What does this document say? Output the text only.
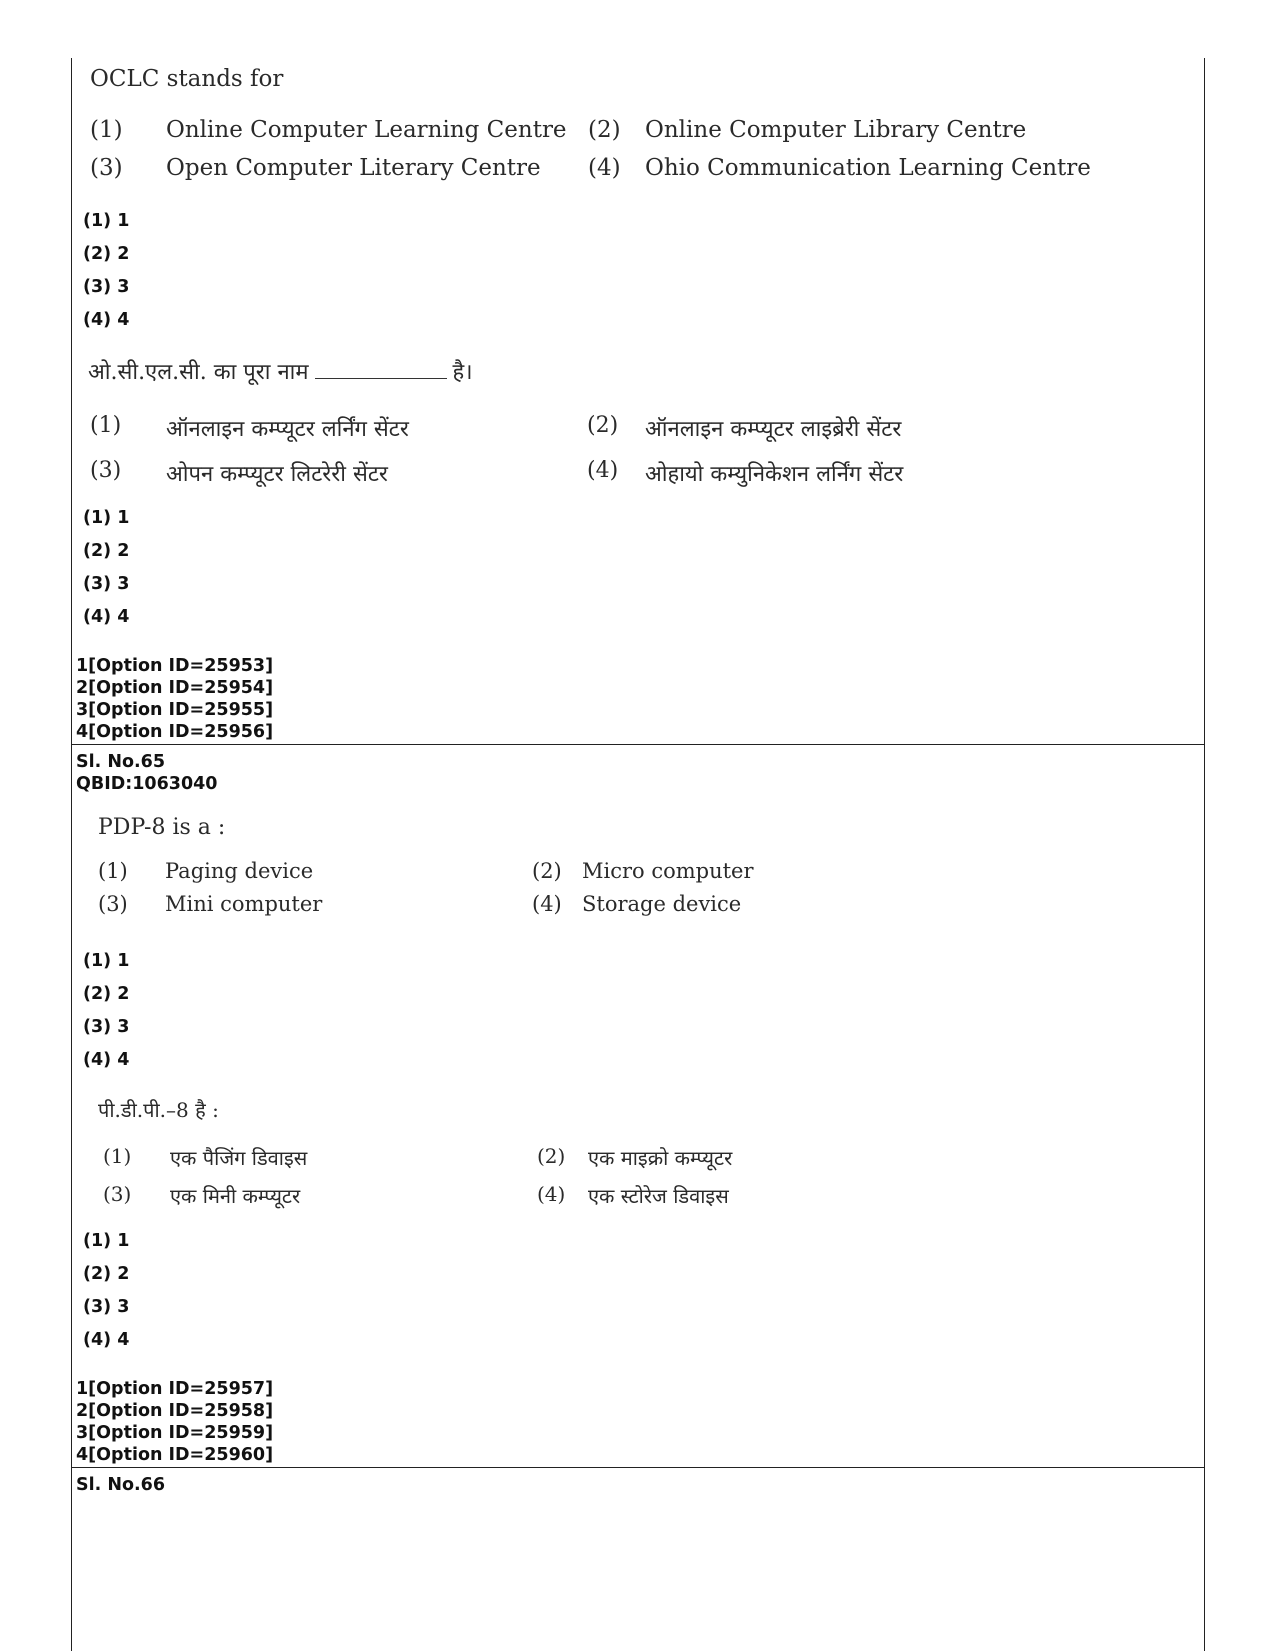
OCLC stands for
(1) Online Computer Learning Centre (2) Online Computer Library Centre
(3) Open Computer Literary Centre (4) Ohio Communication Learning Centre
(1) 1
(2) 2
(3) 3
(4) 4
ओ.सी.एल.सी. का पूरा नाम	है।
(1) ऑनलाइन कम्प्यूटर लर्निंग सेंटर	(2) ऑनलाइन कम्प्यूटर लाइब्रेरी सेंटर
(3) ओपन कम्प्यूटर लिटरेरी सेंटर	(4) ओहायो कम्युनिकेशन लर्निंग सेंटर
(1) 1
(2) 2
(3) 3
(4) 4
1[Option ID=25953]
2[Option ID=25954]
3[Option ID=25955]
4[Option ID=25956]
Sl. No.65
QBID:1063040
PDP-8 is a :
(1) Paging device	(2) Micro computer
(3) Mini computer	(4) Storage device
(1) 1
(2) 2
(3) 3
(4) 4
पी.डी.पी.–8 है :
(1) एक पैजिंग डिवाइस	(2) एक माइक्रो कम्प्यूटर
(3) एक मिनी कम्प्यूटर	(4) एक स्टोरेज डिवाइस
(1) 1
(2) 2
(3) 3
(4) 4
1[Option ID=25957]
2[Option ID=25958]
3[Option ID=25959]
4[Option ID=25960]
Sl. No.66
